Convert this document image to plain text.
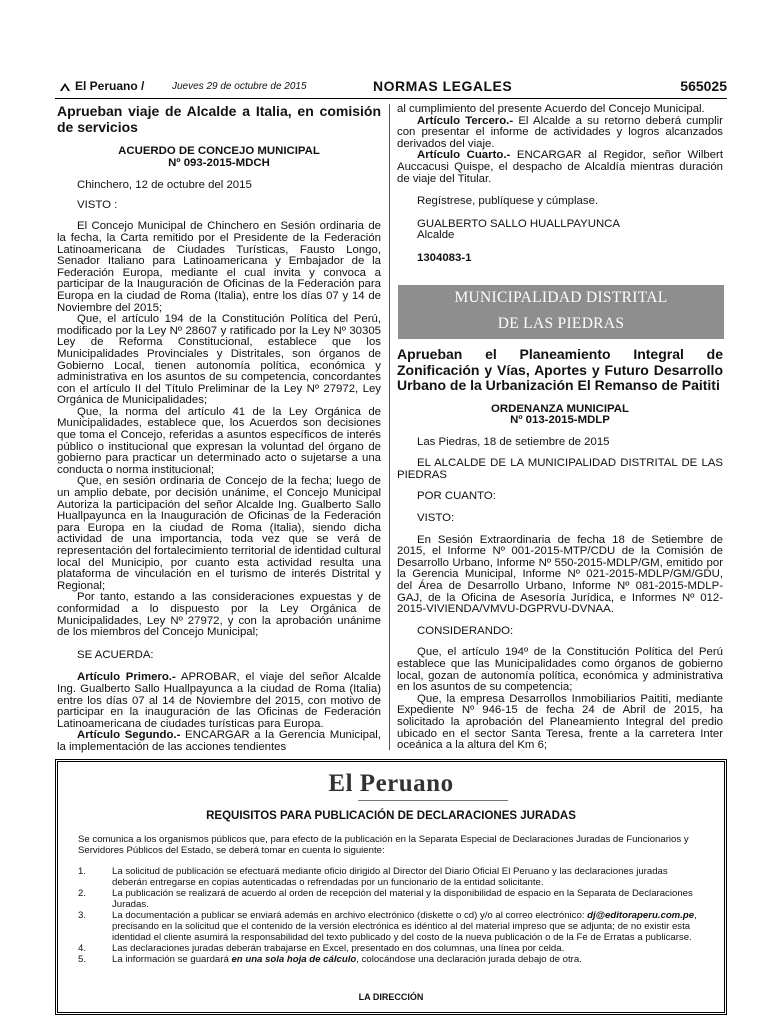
El Peruano /	Jueves 29 de octubre de 2015	NORMAS LEGALES	565025

Aprueban viaje de Alcalde a Italia, en comisión de servicios

ACUERDO DE CONCEJO MUNICIPAL

Nº 093-2015-MDCH

Chinchero, 12 de octubre del 2015

VISTO :

El Concejo Municipal de Chinchero en Sesión ordinaria de la fecha, la Carta remitido por el Presidente de la Federación Latinoamericana de Ciudades Turísticas, Fausto Longo, Senador Italiano para Latinoamericana y Embajador de la Federación Europa, mediante el cual invita y convoca a participar de la Inauguración de Oficinas de la Federación para Europa en la ciudad de Roma (Italia), entre los días 07 y 14 de Noviembre del 2015;

Que, el artículo 194 de la Constitución Política del Perú, modificado por la Ley Nº 28607 y ratificado por la Ley Nº 30305 Ley de Reforma Constitucional, establece que los Municipalidades Provinciales y Distritales, son órganos de Gobierno Local, tienen autonomía política, económica y administrativa en los asuntos de su competencia, concordantes con el artículo II del Título Preliminar de la Ley Nº 27972, Ley Orgánica de Municipalidades;

Que, la norma del artículo 41 de la Ley Orgánica de Municipalidades, establece que, los Acuerdos son decisiones que toma el Concejo, referidas a asuntos específicos de interés público o institucional que expresan la voluntad del órgano de gobierno para practicar un determinado acto o sujetarse a una conducta o norma institucional;

Que, en sesión ordinaria de Concejo de la fecha; luego de un amplio debate, por decisión unánime, el Concejo Municipal Autoriza la participación del señor Alcalde Ing. Gualberto Sallo Huallpayunca en la Inauguración de Oficinas de la Federación para Europa en la ciudad de Roma (Italia), siendo dicha actividad de una importancia, toda vez que se verá de representación del fortalecimiento territorial de identidad cultural local del Municipio, por cuanto esta actividad resulta una plataforma de vinculación en el turismo de interés Distrital y Regional;

Por tanto, estando a las consideraciones expuestas y de conformidad a lo dispuesto por la Ley Orgánica de Municipalidades, Ley Nº 27972, y con la aprobación unánime de los miembros del Concejo Municipal;

SE ACUERDA:

Artículo Primero.- APROBAR, el viaje del señor Alcalde Ing. Gualberto Sallo Huallpayunca a la ciudad de Roma (Italia) entre los días 07 al 14 de Noviembre del 2015, con motivo de participar en la inauguración de las Oficinas de Federación Latinoamericana de ciudades turísticas para Europa.

Artículo Segundo.- ENCARGAR a la Gerencia Municipal, la implementación de las acciones tendientes

al cumplimiento del presente Acuerdo del Concejo Municipal.

Artículo Tercero.- El Alcalde a su retorno deberá cumplir con presentar el informe de actividades y logros alcanzados derivados del viaje.

Artículo Cuarto.- ENCARGAR al Regidor, señor Wilbert Auccacusi Quispe, el despacho de Alcaldía mientras duración de viaje del Titular.

Regístrese, publíquese y cúmplase.

GUALBERTO SALLO HUALLPAYUNCA

Alcalde

1304083-1

MUNICIPALIDAD DISTRITAL
DE LAS PIEDRAS

Aprueban el Planeamiento Integral de Zonificación y Vías, Aportes y Futuro Desarrollo Urbano de la Urbanización El Remanso de Paititi

ORDENANZA MUNICIPAL

Nº 013-2015-MDLP

Las Piedras, 18 de setiembre de 2015

EL ALCALDE DE LA MUNICIPALIDAD DISTRITAL DE LAS PIEDRAS

POR CUANTO:

VISTO:

En Sesión Extraordinaria de fecha 18 de Setiembre de 2015, el Informe Nº 001-2015-MTP/CDU de la Comisión de Desarrollo Urbano, Informe Nº 550-2015-MDLP/GM, emitido por la Gerencia Municipal, Informe Nº 021-2015-MDLP/GM/GDU, del Área de Desarrollo Urbano, Informe Nº 081-2015-MDLP-GAJ, de la Oficina de Asesoría Jurídica, e Informes Nº 012-2015-VIVIENDA/VMVU-DGPRVU-DVNAA.

CONSIDERANDO:

Que, el artículo 194º de la Constitución Política del Perú establece que las Municipalidades como órganos de gobierno local, gozan de autonomía política, económica y administrativa en los asuntos de su competencia;

Que, la empresa Desarrollos Inmobiliarios Paititi, mediante Expediente Nº 946-15 de fecha 24 de Abril de 2015, ha solicitado la aprobación del Planeamiento Integral del predio ubicado en el sector Santa Teresa, frente a la carretera Inter oceánica a la altura del Km 6;

El Peruano
REQUISITOS PARA PUBLICACIÓN DE DECLARACIONES JURADAS
Se comunica a los organismos públicos que, para efecto de la publicación en la Separata Especial de Declaraciones Juradas de Funcionarios y Servidores Públicos del Estado, se deberá tomar en cuenta lo siguiente:
1.	La solicitud de publicación se efectuará mediante oficio dirigido al Director del Diario Oficial El Peruano y las declaraciones juradas deberán entregarse en copias autenticadas o refrendadas por un funcionario de la entidad solicitante.
2.	La publicación se realizará de acuerdo al orden de recepción del material y la disponibilidad de espacio en la Separata de Declaraciones Juradas.
3.	La documentación a publicar se enviará además en archivo electrónico (diskette o cd) y/o al correo electrónico: dj@editoraperu.com.pe, precisando en la solicitud que el contenido de la versión electrónica es idéntico al del material impreso que se adjunta; de no existir esta identidad el cliente asumirá la responsabilidad del texto publicado y del costo de la nueva publicación o de la Fe de Erratas a publicarse.
4.	Las declaraciones juradas deberán trabajarse en Excel, presentado en dos columnas, una línea por celda.
5.	La información se guardará en una sola hoja de cálculo, colocándose una declaración jurada debajo de otra.
LA DIRECCIÓN
